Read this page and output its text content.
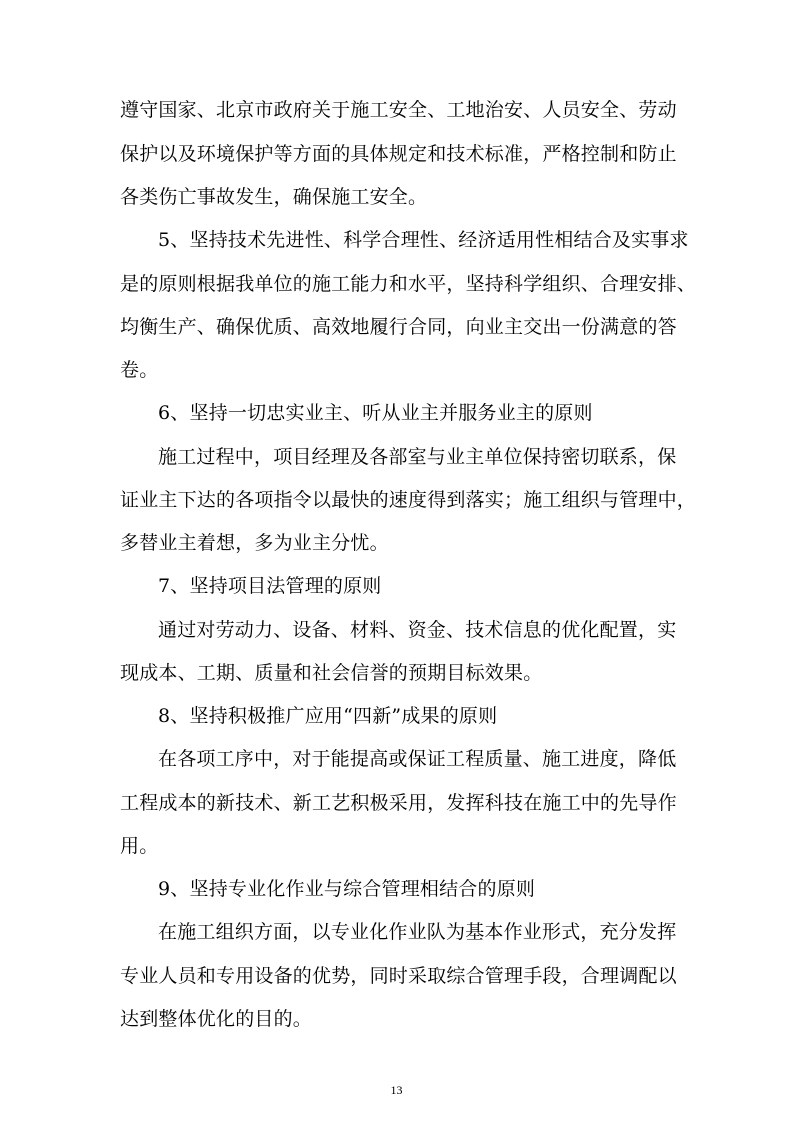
遵守国家、北京市政府关于施工安全、工地治安、人员安全、劳动
保护以及环境保护等方面的具体规定和技术标准，严格控制和防止
各类伤亡事故发生，确保施工安全。
5、坚持技术先进性、科学合理性、经济适用性相结合及实事求
是的原则根据我单位的施工能力和水平，坚持科学组织、合理安排、
均衡生产、确保优质、高效地履行合同，向业主交出一份满意的答
卷。
6、坚持一切忠实业主、听从业主并服务业主的原则
施工过程中，项目经理及各部室与业主单位保持密切联系，保
证业主下达的各项指令以最快的速度得到落实；施工组织与管理中，
多替业主着想，多为业主分忧。
7、坚持项目法管理的原则
通过对劳动力、设备、材料、资金、技术信息的优化配置，实
现成本、工期、质量和社会信誉的预期目标效果。
8、坚持积极推广应用“四新”成果的原则
在各项工序中，对于能提高或保证工程质量、施工进度，降低
工程成本的新技术、新工艺积极采用，发挥科技在施工中的先导作
用。
9、坚持专业化作业与综合管理相结合的原则
在施工组织方面，以专业化作业队为基本作业形式，充分发挥
专业人员和专用设备的优势，同时采取综合管理手段，合理调配以
达到整体优化的目的。
13
